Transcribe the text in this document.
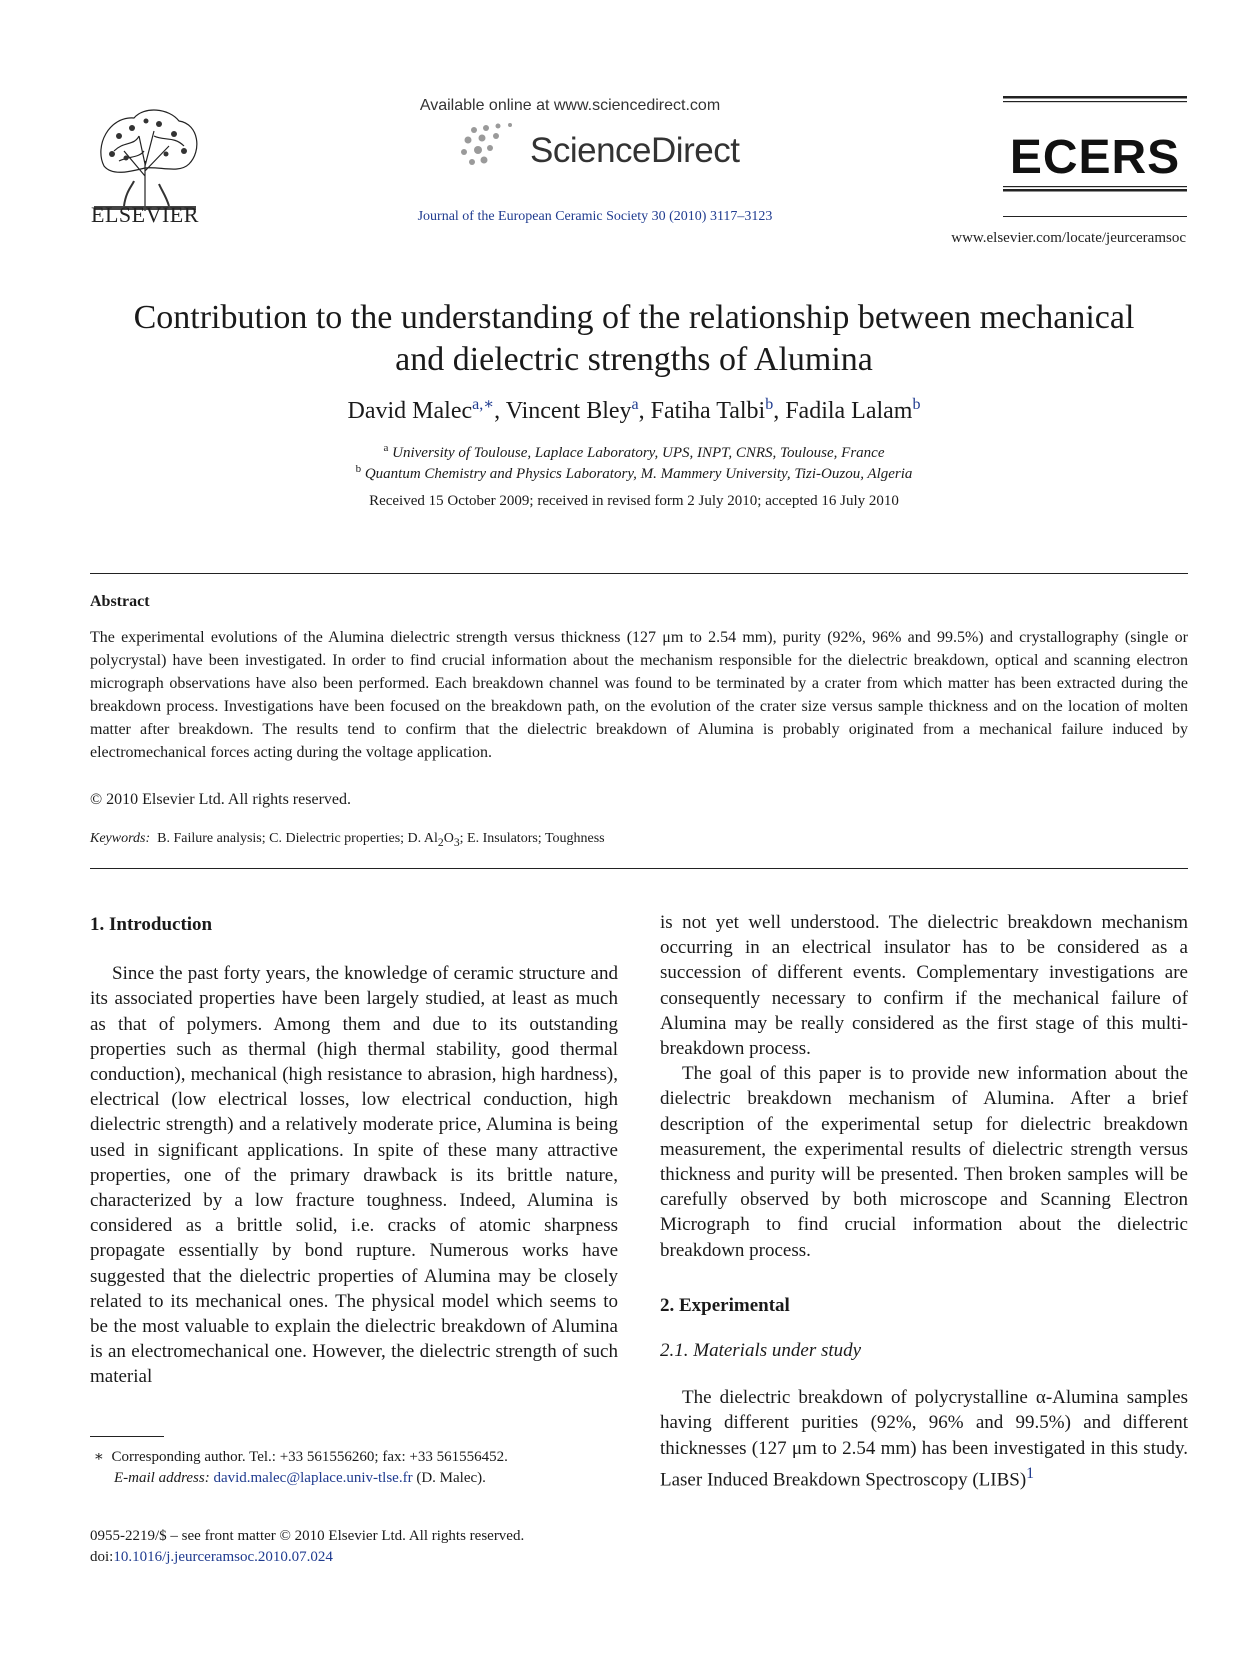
ELSEVIER
Available online at www.sciencedirect.com
ScienceDirect
Journal of the European Ceramic Society 30 (2010) 3117–3123
ECERS
www.elsevier.com/locate/jeurceramsoc
Contribution to the understanding of the relationship between mechanical
and dielectric strengths of Alumina
David Malec$^{a,∗}$, Vincent Bley$^a$, Fatiha Talbi$^b$, Fadila Lalam$^b$
$^a$ University of Toulouse, Laplace Laboratory, UPS, INPT, CNRS, Toulouse, France
$^b$ Quantum Chemistry and Physics Laboratory, M. Mammery University, Tizi-Ouzou, Algeria
Received 15 October 2009; received in revised form 2 July 2010; accepted 16 July 2010
Abstract
The experimental evolutions of the Alumina dielectric strength versus thickness (127 μm to 2.54 mm), purity (92%, 96% and 99.5%) and crystallography (single or polycrystal) have been investigated. In order to find crucial information about the mechanism responsible for the dielectric breakdown, optical and scanning electron micrograph observations have also been performed. Each breakdown channel was found to be terminated by a crater from which matter has been extracted during the breakdown process. Investigations have been focused on the breakdown path, on the evolution of the crater size versus sample thickness and on the location of molten matter after breakdown. The results tend to confirm that the dielectric breakdown of Alumina is probably originated from a mechanical failure induced by electromechanical forces acting during the voltage application.
© 2010 Elsevier Ltd. All rights reserved.
Keywords: B. Failure analysis; C. Dielectric properties; D. $Al_2O_3$; E. Insulators; Toughness
1. Introduction

Since the past forty years, the knowledge of ceramic structure and its associated properties have been largely studied, at least as much as that of polymers. Among them and due to its outstanding properties such as thermal (high thermal stability, good thermal conduction), mechanical (high resistance to abrasion, high hardness), electrical (low electrical losses, low electrical conduction, high dielectric strength) and a relatively moderate price, Alumina is being used in significant applications. In spite of these many attractive properties, one of the primary drawback is its brittle nature, characterized by a low fracture toughness. Indeed, Alumina is considered as a brittle solid, i.e. cracks of atomic sharpness propagate essentially by bond rupture. Numerous works have suggested that the dielectric properties of Alumina may be closely related to its mechanical ones. The physical model which seems to be the most valuable to explain the dielectric breakdown of Alumina is an electromechanical one. However, the dielectric strength of such material

is not yet well understood. The dielectric breakdown mechanism occurring in an electrical insulator has to be considered as a succession of different events. Complementary investigations are consequently necessary to confirm if the mechanical failure of Alumina may be really considered as the first stage of this multi-breakdown process.

The goal of this paper is to provide new information about the dielectric breakdown mechanism of Alumina. After a brief description of the experimental setup for dielectric breakdown measurement, the experimental results of dielectric strength versus thickness and purity will be presented. Then broken samples will be carefully observed by both microscope and Scanning Electron Micrograph to find crucial information about the dielectric breakdown process.

2. Experimental
2.1. Materials under study

The dielectric breakdown of polycrystalline α-Alumina samples having different purities (92%, 96% and 99.5%) and different thicknesses (127 μm to 2.54 mm) has been investigated in this study. Laser Induced Breakdown Spectroscopy (LIBS)$^1$

∗ Corresponding author. Tel.: +33 561556260; fax: +33 561556452.
E-mail address: david.malec@laplace.univ-tlse.fr (D. Malec).
0955-2219/$ – see front matter © 2010 Elsevier Ltd. All rights reserved.
doi:10.1016/j.jeurceramsoc.2010.07.024
